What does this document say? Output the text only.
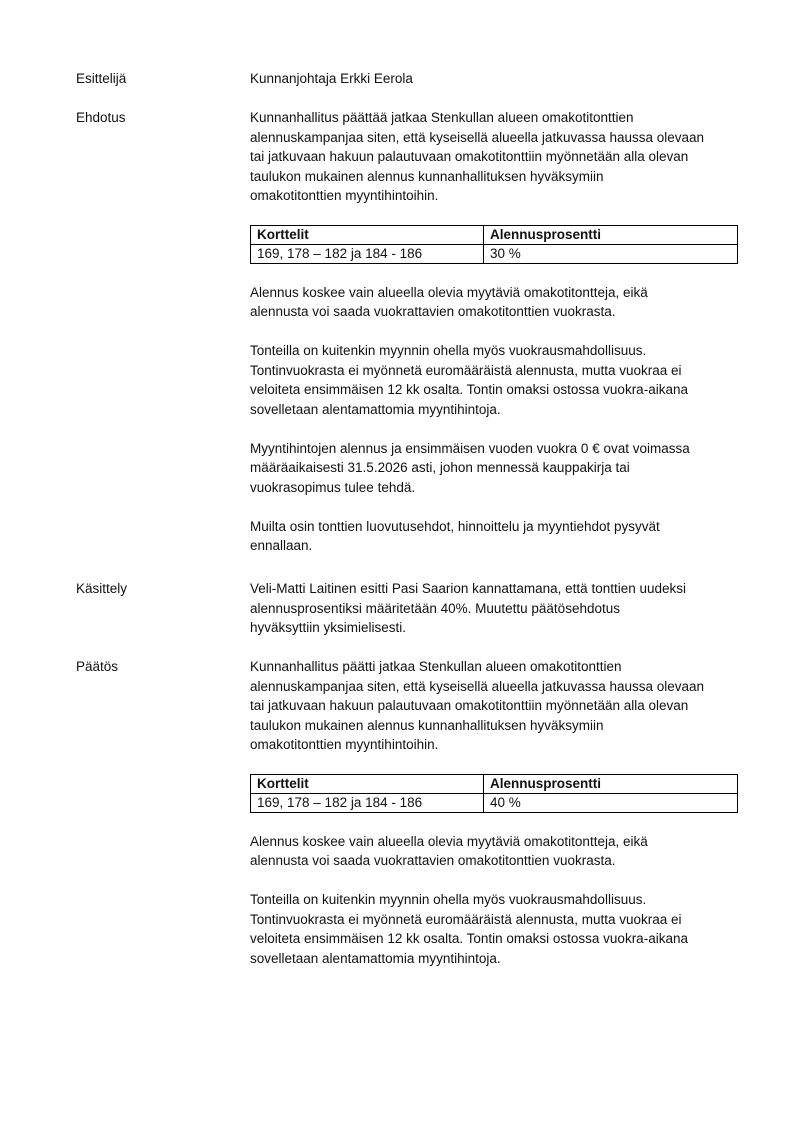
Esittelijä	Kunnanjohtaja Erkki Eerola

Ehdotus	Kunnanhallitus päättää jatkaa Stenkullan alueen omakotitonttien
alennuskampanjaa siten, että kyseisellä alueella jatkuvassa haussa olevaan
tai jatkuvaan hakuun palautuvaan omakotitonttiin myönnetään alla olevan
taulukon mukainen alennus kunnanhallituksen hyväksymiin
omakotitonttien myyntihintoihin.
Korttelit	Alennusprosentti
169, 178 – 182 ja 184 - 186	30 %
Alennus koskee vain alueella olevia myytäviä omakotitontteja, eikä
alennusta voi saada vuokrattavien omakotitonttien vuokrasta.
Tonteilla on kuitenkin myynnin ohella myös vuokrausmahdollisuus.
Tontinvuokrasta ei myönnetä euromääräistä alennusta, mutta vuokraa ei
veloiteta ensimmäisen 12 kk osalta. Tontin omaksi ostossa vuokra-aikana
sovelletaan alentamattomia myyntihintoja.
Myyntihintojen alennus ja ensimmäisen vuoden vuokra 0 € ovat voimassa
määräaikaisesti 31.5.2026 asti, johon mennessä kauppakirja tai
vuokrasopimus tulee tehdä.
Muilta osin tonttien luovutusehdot, hinnoittelu ja myyntiehdot pysyvät
ennallaan.
Käsittely	Veli-Matti Laitinen esitti Pasi Saarion kannattamana, että tonttien uudeksi
alennusprosentiksi määritetään 40%. Muutettu päätösehdotus
hyväksyttiin yksimielisesti.
Päätös	Kunnanhallitus päätti jatkaa Stenkullan alueen omakotitonttien
alennuskampanjaa siten, että kyseisellä alueella jatkuvassa haussa olevaan
tai jatkuvaan hakuun palautuvaan omakotitonttiin myönnetään alla olevan
taulukon mukainen alennus kunnanhallituksen hyväksymiin
omakotitonttien myyntihintoihin.
Korttelit	Alennusprosentti
169, 178 – 182 ja 184 - 186	40 %
Alennus koskee vain alueella olevia myytäviä omakotitontteja, eikä
alennusta voi saada vuokrattavien omakotitonttien vuokrasta.
Tonteilla on kuitenkin myynnin ohella myös vuokrausmahdollisuus.
Tontinvuokrasta ei myönnetä euromääräistä alennusta, mutta vuokraa ei
veloiteta ensimmäisen 12 kk osalta. Tontin omaksi ostossa vuokra-aikana
sovelletaan alentamattomia myyntihintoja.
